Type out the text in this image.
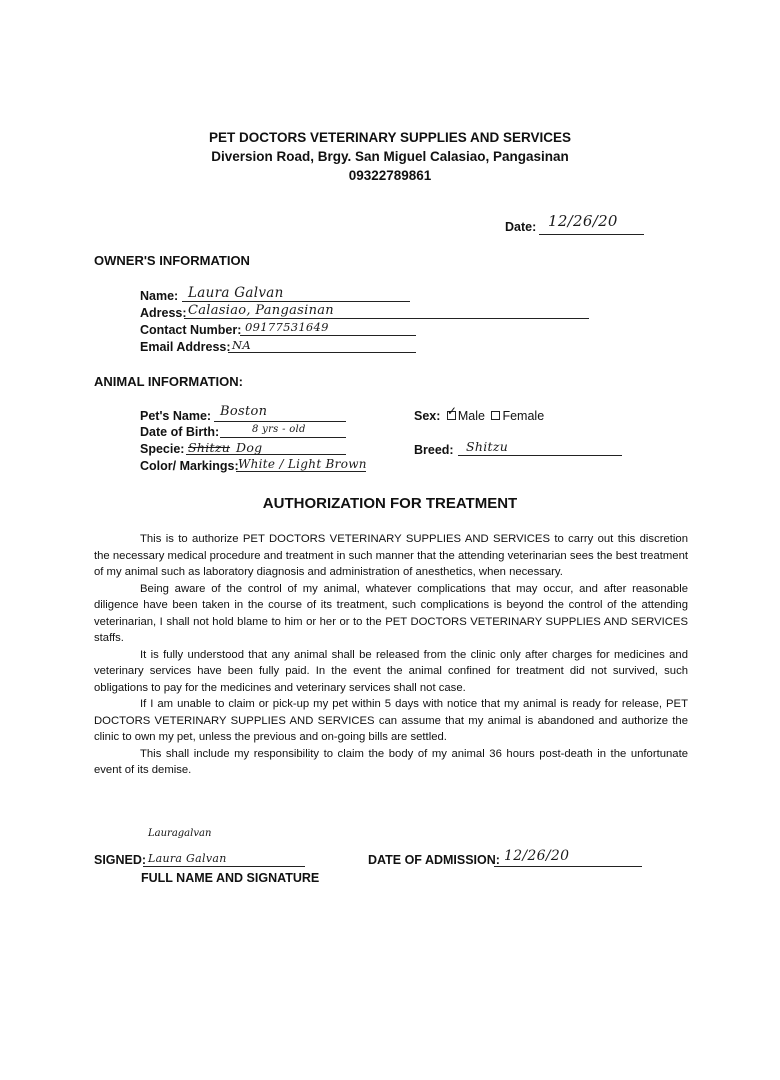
PET DOCTORS VETERINARY SUPPLIES AND SERVICES
Diversion Road, Brgy. San Miguel Calasiao, Pangasinan
09322789861
Date: 12/26/20
OWNER'S INFORMATION
Name: Laura Galvan
Adress: Calasiao, Pangasinan
Contact Number: 09177531649
Email Address: NA
ANIMAL INFORMATION:
Pet's Name: Boston
Date of Birth:	8 yrs - old
Specie: Shitzu Dog
Color/ Markings: White / Light Brown
Sex: ✓ Male Female
Breed: Shitzu
AUTHORIZATION FOR TREATMENT

This is to authorize PET DOCTORS VETERINARY SUPPLIES AND SERVICES to carry out this discretion the necessary medical procedure and treatment in such manner that the attending veterinarian sees the best treatment of my animal such as laboratory diagnosis and administration of anesthetics, when necessary.

Being aware of the control of my animal, whatever complications that may occur, and after reasonable diligence have been taken in the course of its treatment, such complications is beyond the control of the attending veterinarian, I shall not hold blame to him or her or to the PET DOCTORS VETERINARY SUPPLIES AND SERVICES staffs.

It is fully understood that any animal shall be released from the clinic only after charges for medicines and veterinary services have been fully paid. In the event the animal confined for treatment did not survived, such obligations to pay for the medicines and veterinary services shall not case.

If I am unable to claim or pick-up my pet within 5 days with notice that my animal is ready for release, PET DOCTORS VETERINARY SUPPLIES AND SERVICES can assume that my animal is abandoned and authorize the clinic to own my pet, unless the previous and on-going bills are settled.

This shall include my responsibility to claim the body of my animal 36 hours post-death in the unfortunate event of its demise.

Lauragalvan
SIGNED: Laura Galvan
FULL NAME AND SIGNATURE
DATE OF ADMISSION: 12/26/20
